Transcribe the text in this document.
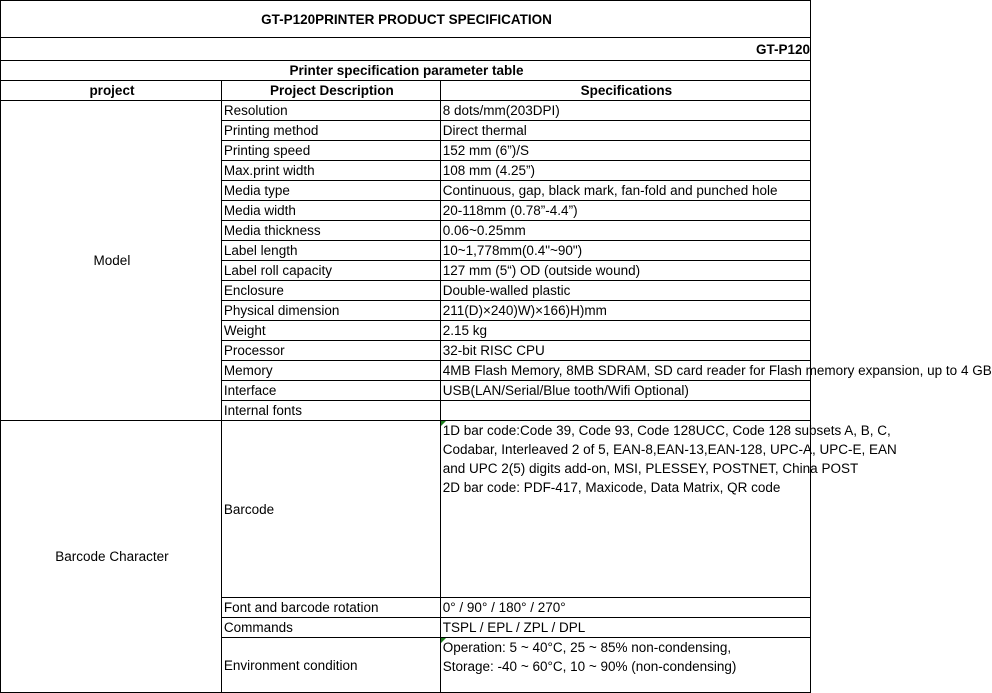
GT-P120PRINTER PRODUCT SPECIFICATION		
GT-P120		
Printer specification parameter table		
project	Project Description	Specifications
Model	Resolution	8 dots/mm(203DPI)
	Printing method	Direct thermal
	Printing speed	152 mm (6”)/S
	Max.print width	108 mm (4.25”)
	Media type	Continuous, gap, black mark, fan-fold and punched hole
	Media width	20-118mm (0.78”-4.4”)
	Media thickness	0.06~0.25mm
	Label length	10~1,778mm(0.4"~90")
	Label roll capacity	127 mm (5“) OD (outside wound)
	Enclosure	Double-walled plastic
	Physical dimension	211(D)×240)W)×166)H)mm
	Weight	2.15 kg
	Processor	32-bit RISC CPU
	Memory	4MB Flash Memory, 8MB SDRAM, SD card reader for Flash memory expansion, up to 4 GB
	Interface	USB(LAN/Serial/Blue tooth/Wifi Optional)
	Internal fonts	
Barcode Character	Barcode	1D bar code:Code 39, Code 93, Code 128UCC, Code 128 subsets A, B, C,
Codabar, Interleaved 2 of 5, EAN-8,EAN-13,EAN-128, UPC-A, UPC-E, EAN
and UPC 2(5) digits add-on, MSI, PLESSEY, POSTNET, China POST
2D bar code: PDF-417, Maxicode, Data Matrix, QR code

	Font and barcode rotation	0° / 90° / 180° / 270°
	Commands	TSPL / EPL / ZPL / DPL
	Environment condition	Operation: 5 ~ 40°C, 25 ~ 85% non-condensing,
Storage: -40 ~ 60°C, 10 ~ 90% (non-condensing)
